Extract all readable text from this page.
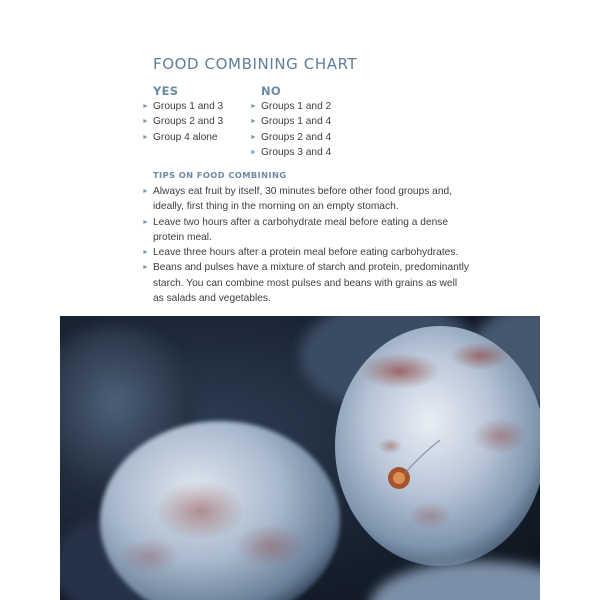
FOOD COMBINING CHART
YES
► Groups 1 and 3
► Groups 2 and 3
► Group 4 alone
NO
► Groups 1 and 2
► Groups 1 and 4
► Groups 2 and 4
► Groups 3 and 4
TIPS ON FOOD COMBINING
► Always eat fruit by itself, 30 minutes before other food groups and, ideally, first thing in the morning on an empty stomach.
► Leave two hours after a carbohydrate meal before eating a dense protein meal.
► Leave three hours after a protein meal before eating carbohydrates.
► Beans and pulses have a mixture of starch and protein, predominantly starch. You can combine most pulses and beans with grains as well as salads and vegetables.
